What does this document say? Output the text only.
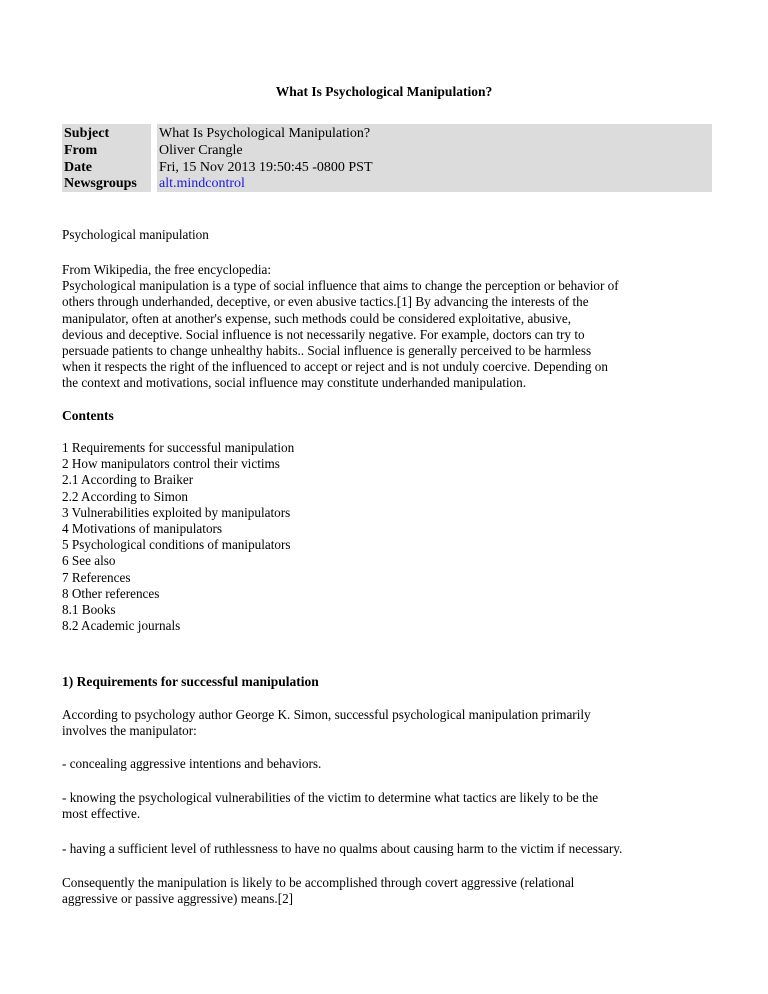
What Is Psychological Manipulation?
Subject
From
Date
Newsgroups
What Is Psychological Manipulation?
Oliver Crangle
Fri, 15 Nov 2013 19:50:45 -0800 PST
alt.mindcontrol
Psychological manipulation
From Wikipedia, the free encyclopedia:
Psychological manipulation is a type of social influence that aims to change the perception or behavior of
others through underhanded, deceptive, or even abusive tactics.[1] By advancing the interests of the
manipulator, often at another's expense, such methods could be considered exploitative, abusive,
devious and deceptive. Social influence is not necessarily negative. For example, doctors can try to
persuade patients to change unhealthy habits.. Social influence is generally perceived to be harmless
when it respects the right of the influenced to accept or reject and is not unduly coercive. Depending on
the context and motivations, social influence may constitute underhanded manipulation.
Contents
1 Requirements for successful manipulation
2 How manipulators control their victims
2.1 According to Braiker
2.2 According to Simon
3 Vulnerabilities exploited by manipulators
4 Motivations of manipulators
5 Psychological conditions of manipulators
6 See also
7 References
8 Other references
8.1 Books
8.2 Academic journals
1) Requirements for successful manipulation
According to psychology author George K. Simon, successful psychological manipulation primarily
involves the manipulator:
- concealing aggressive intentions and behaviors.
- knowing the psychological vulnerabilities of the victim to determine what tactics are likely to be the
most effective.
- having a sufficient level of ruthlessness to have no qualms about causing harm to the victim if necessary.
Consequently the manipulation is likely to be accomplished through covert aggressive (relational
aggressive or passive aggressive) means.[2]
